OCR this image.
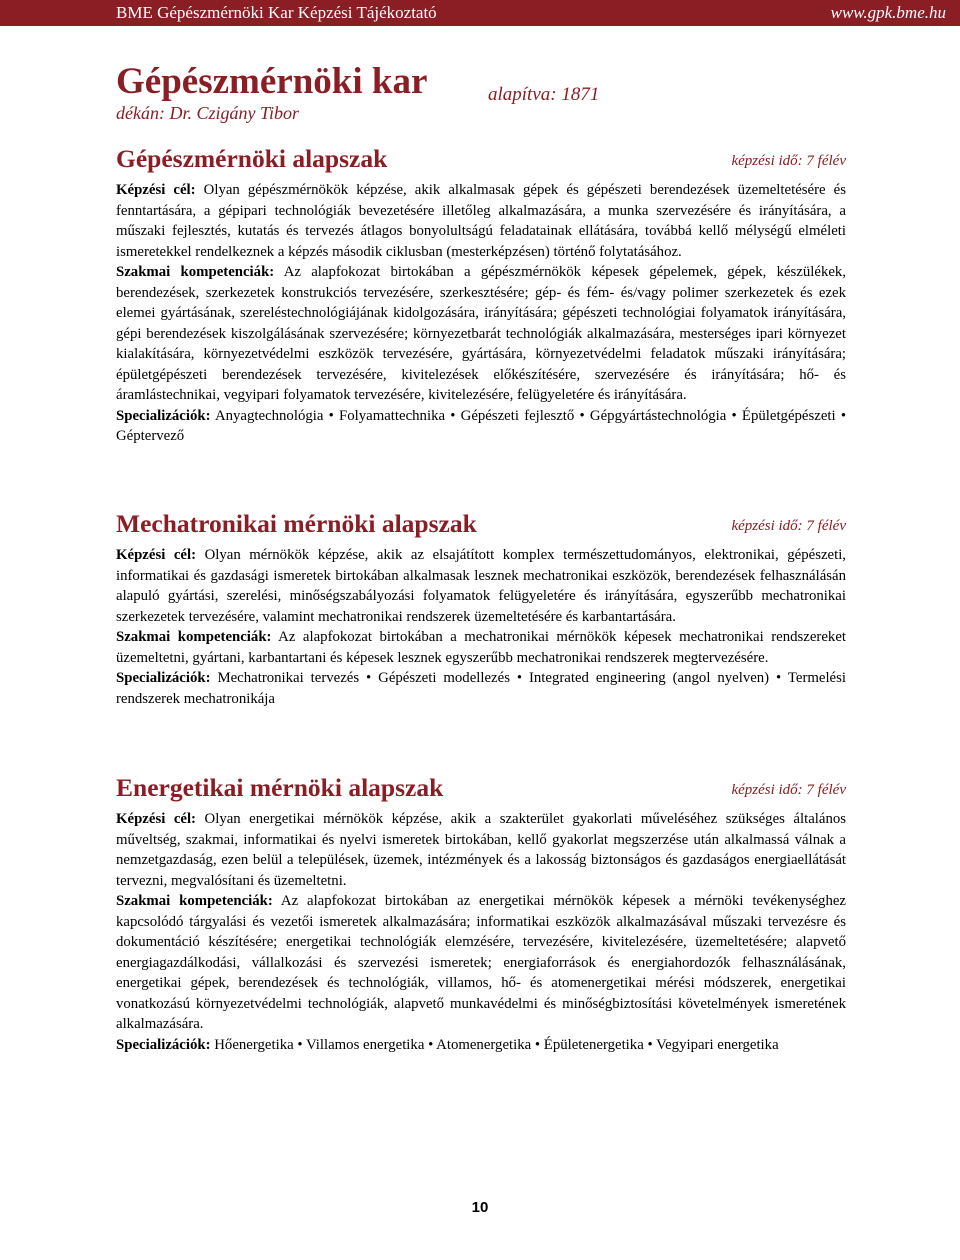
BME Gépészmérnöki Kar Képzési Tájékoztató	www.gpk.bme.hu
Gépészmérnöki kar
dékán: Dr. Czigány Tibor
alapítva: 1871
Gépészmérnöki alapszak	képzési idő: 7 félév

Képzési cél: Olyan gépészmérnökök képzése, akik alkalmasak gépek és gépészeti berendezések üzemeltetésére és fenntartására, a gépipari technológiák bevezetésére illetőleg alkalmazására, a munka szervezésére és irányítására, a műszaki fejlesztés, kutatás és tervezés átlagos bonyolultságú feladatainak ellátására, továbbá kellő mélységű elméleti ismeretekkel rendelkeznek a képzés második ciklusban (mesterképzésen) történő folytatásához.

Szakmai kompetenciák: Az alapfokozat birtokában a gépészmérnökök képesek gépelemek, gépek, készülékek, berendezések, szerkezetek konstrukciós tervezésére, szerkesztésére; gép- és fém- és/vagy polimer szerkezetek és ezek elemei gyártásának, szereléstechnológiájának kidolgozására, irányítására; gépészeti technológiai folyamatok irányítására, gépi berendezések kiszolgálásának szervezésére; környezetbarát technológiák alkalmazására, mesterséges ipari környezet kialakítására, környezetvédelmi eszközök tervezésére, gyártására, környezetvédelmi feladatok műszaki irányítására; épületgépészeti berendezések tervezésére, kivitelezések előkészítésére, szervezésére és irányítására; hő- és áramlástechnikai, vegyipari folyamatok tervezésére, kivitelezésére, felügyeletére és irányítására.

Specializációk: Anyagtechnológia • Folyamattechnika • Gépészeti fejlesztő • Gépgyártástechnológia • Épületgépészeti • Géptervező

Mechatronikai mérnöki alapszak	képzési idő: 7 félév

Képzési cél: Olyan mérnökök képzése, akik az elsajátított komplex természettudományos, elektronikai, gépészeti, informatikai és gazdasági ismeretek birtokában alkalmasak lesznek mechatronikai eszközök, berendezések felhasználásán alapuló gyártási, szerelési, minőségszabályozási folyamatok felügyeletére és irányítására, egyszerűbb mechatronikai szerkezetek tervezésére, valamint mechatronikai rendszerek üzemeltetésére és karbantartására.

Szakmai kompetenciák: Az alapfokozat birtokában a mechatronikai mérnökök képesek mechatronikai rendszereket üzemeltetni, gyártani, karbantartani és képesek lesznek egyszerűbb mechatronikai rendszerek megtervezésére.

Specializációk: Mechatronikai tervezés • Gépészeti modellezés • Integrated engineering (angol nyelven) • Termelési rendszerek mechatronikája

Energetikai mérnöki alapszak	képzési idő: 7 félév

Képzési cél: Olyan energetikai mérnökök képzése, akik a szakterület gyakorlati műveléséhez szükséges általános műveltség, szakmai, informatikai és nyelvi ismeretek birtokában, kellő gyakorlat megszerzése után alkalmassá válnak a nemzetgazdaság, ezen belül a települések, üzemek, intézmények és a lakosság biztonságos és gazdaságos energiaellátását tervezni, megvalósítani és üzemeltetni.

Szakmai kompetenciák: Az alapfokozat birtokában az energetikai mérnökök képesek a mérnöki tevékenységhez kapcsolódó tárgyalási és vezetői ismeretek alkalmazására; informatikai eszközök alkalmazásával műszaki tervezésre és dokumentáció készítésére; energetikai technológiák elemzésére, tervezésére, kivitelezésére, üzemeltetésére; alapvető energiagazdálkodási, vállalkozási és szervezési ismeretek; energiaforrások és energiahordozók felhasználásának, energetikai gépek, berendezések és technológiák, villamos, hő- és atomenergetikai mérési módszerek, energetikai vonatkozású környezetvédelmi technológiák, alapvető munkavédelmi és minőségbiztosítási követelmények ismeretének alkalmazására.

Specializációk: Hőenergetika • Villamos energetika • Atomenergetika • Épületenergetika • Vegyipari energetika

10
